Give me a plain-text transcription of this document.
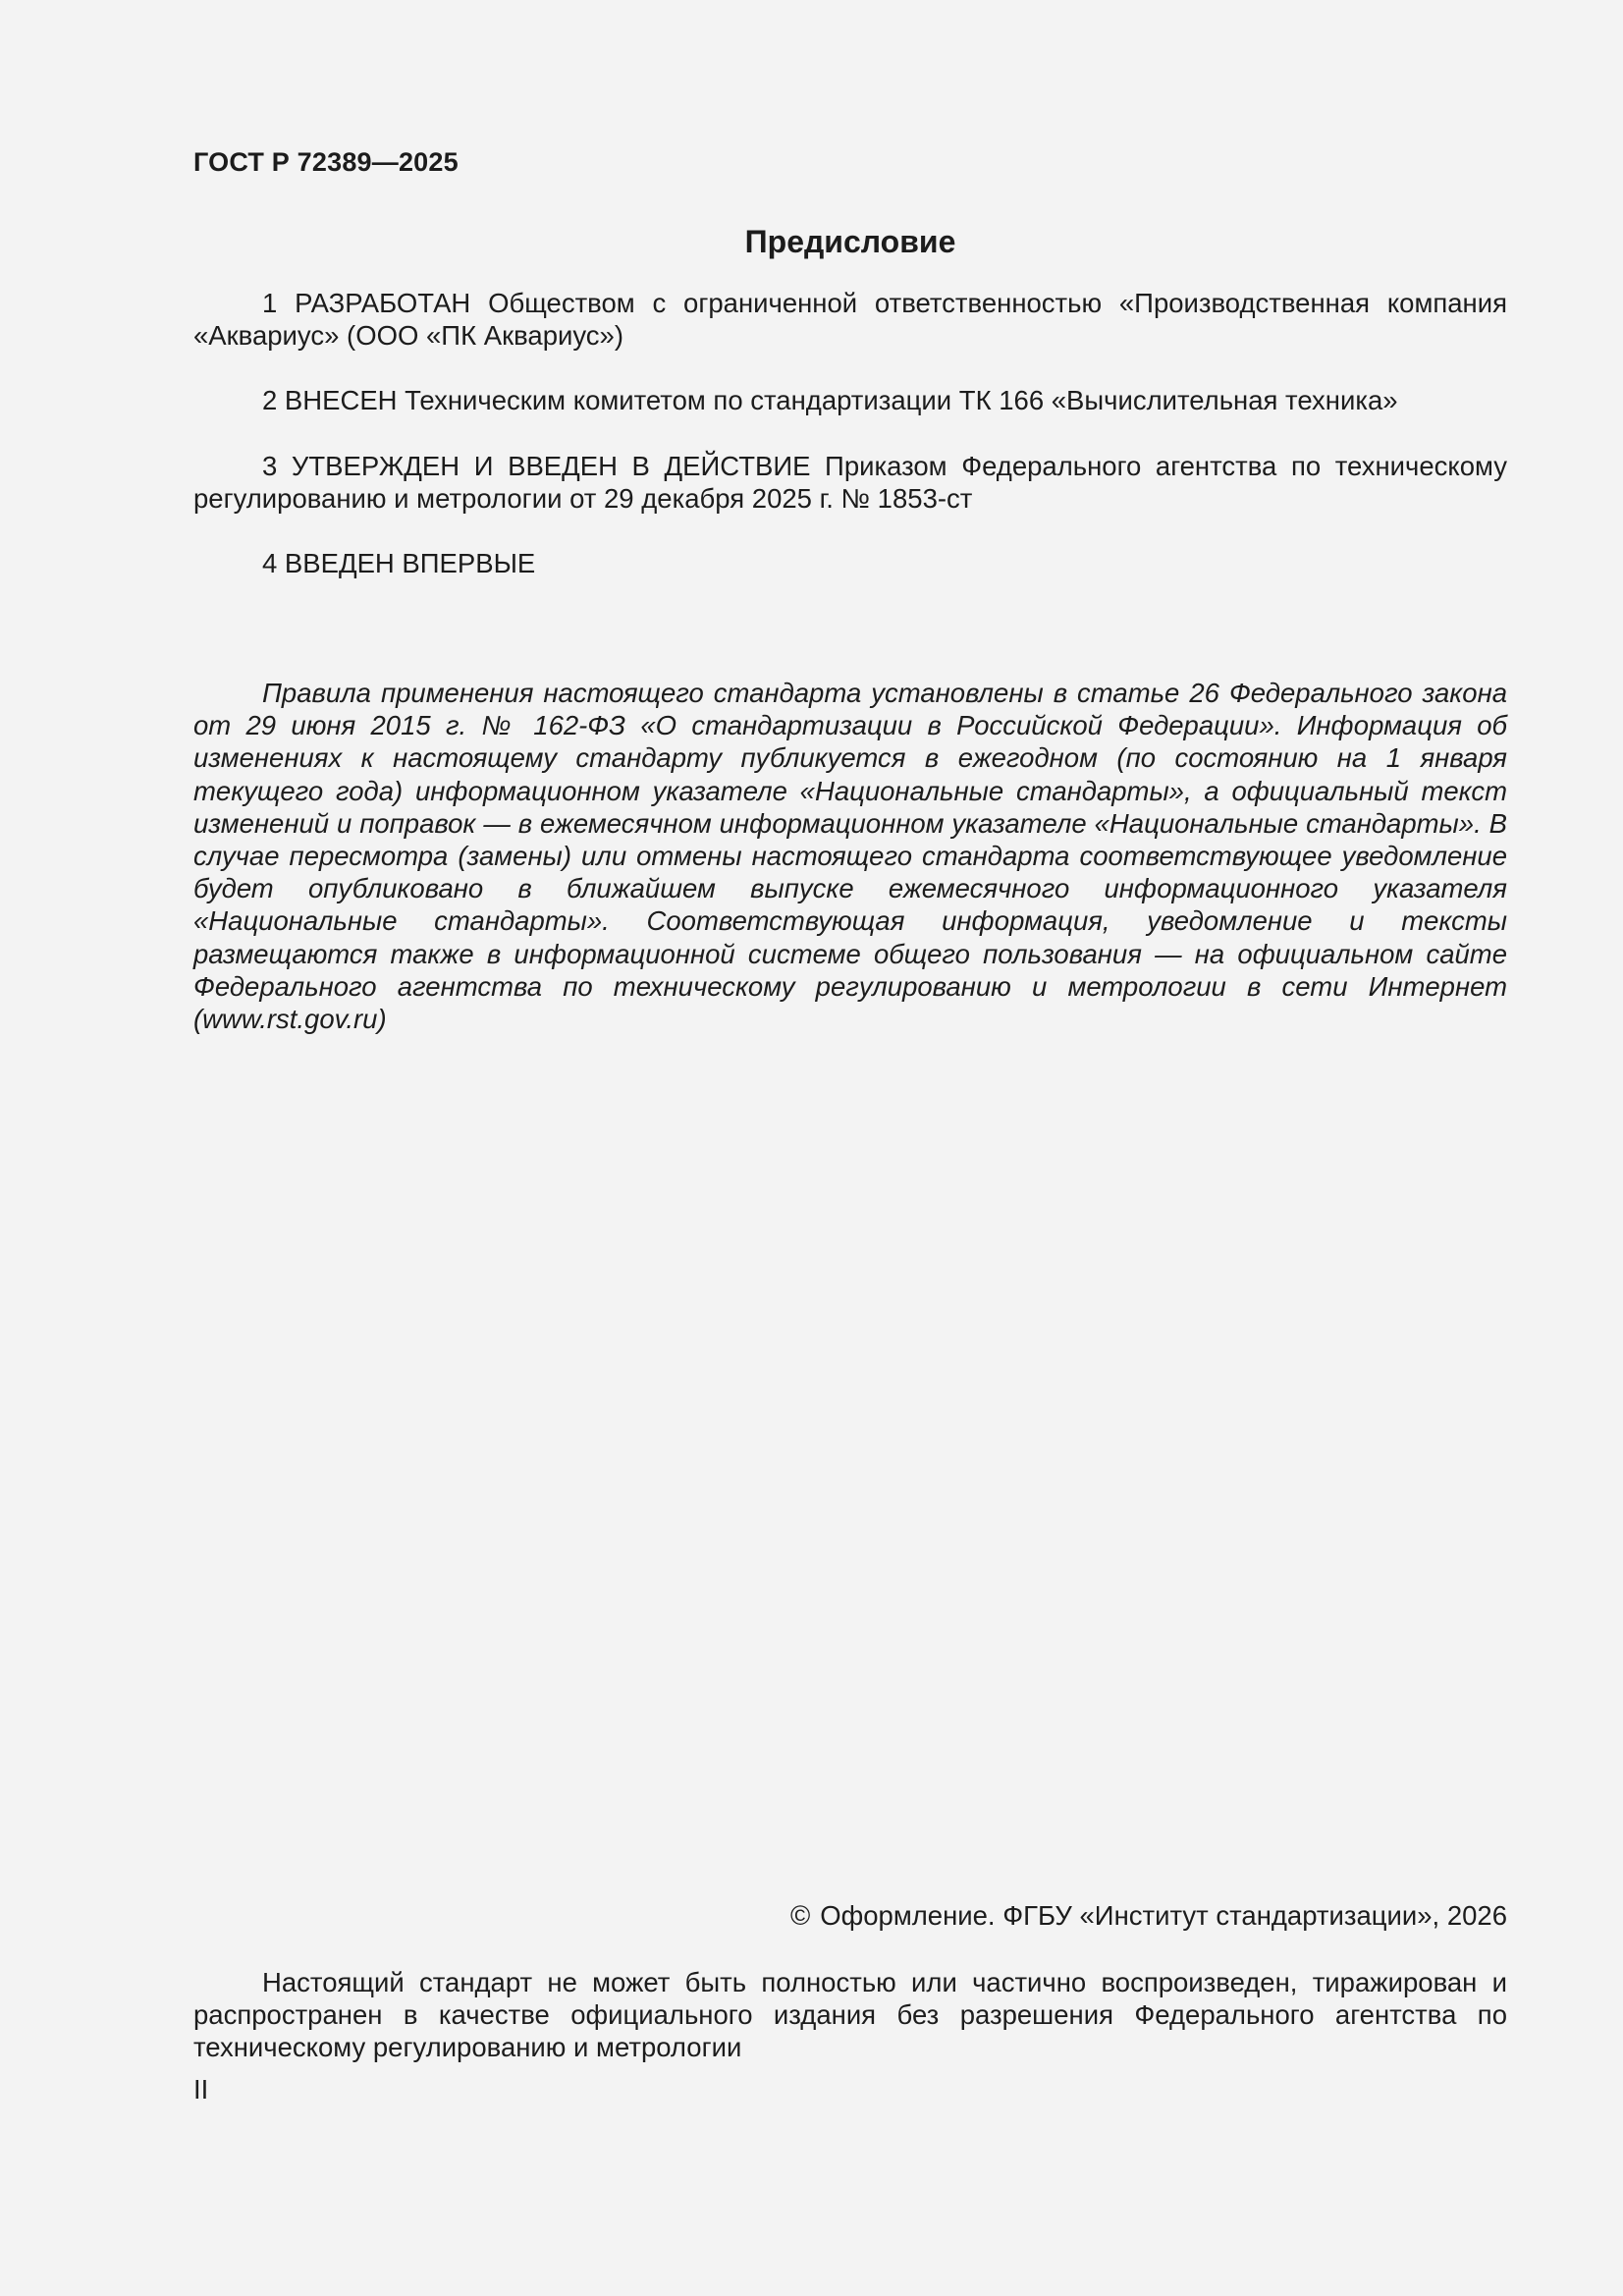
ГОСТ Р 72389—2025
Предисловие
1 РАЗРАБОТАН Обществом с ограниченной ответственностью «Производственная компания «Аквариус» (ООО «ПК Аквариус»)
2 ВНЕСЕН Техническим комитетом по стандартизации ТК 166 «Вычислительная техника»
3 УТВЕРЖДЕН И ВВЕДЕН В ДЕЙСТВИЕ Приказом Федерального агентства по техническому регулированию и метрологии от 29 декабря 2025 г. № 1853-ст
4 ВВЕДЕН ВПЕРВЫЕ
Правила применения настоящего стандарта установлены в статье 26 Федерального закона от 29 июня 2015 г. № 162-ФЗ «О стандартизации в Российской Федерации». Информация об изменениях к настоящему стандарту публикуется в ежегодном (по состоянию на 1 января текущего года) информационном указателе «Национальные стандарты», а официальный текст изменений и поправок — в ежемесячном информационном указателе «Национальные стандарты». В случае пересмотра (замены) или отмены настоящего стандарта соответствующее уведомление будет опубликовано в ближайшем выпуске ежемесячного информационного указателя «Национальные стандарты». Соответствующая информация, уведомление и тексты размещаются также в информационной системе общего пользования — на официальном сайте Федерального агентства по техническому регулированию и метрологии в сети Интернет (www.rst.gov.ru)
© Оформление. ФГБУ «Институт стандартизации», 2026
Настоящий стандарт не может быть полностью или частично воспроизведен, тиражирован и распространен в качестве официального издания без разрешения Федерального агентства по техническому регулированию и метрологии
II
